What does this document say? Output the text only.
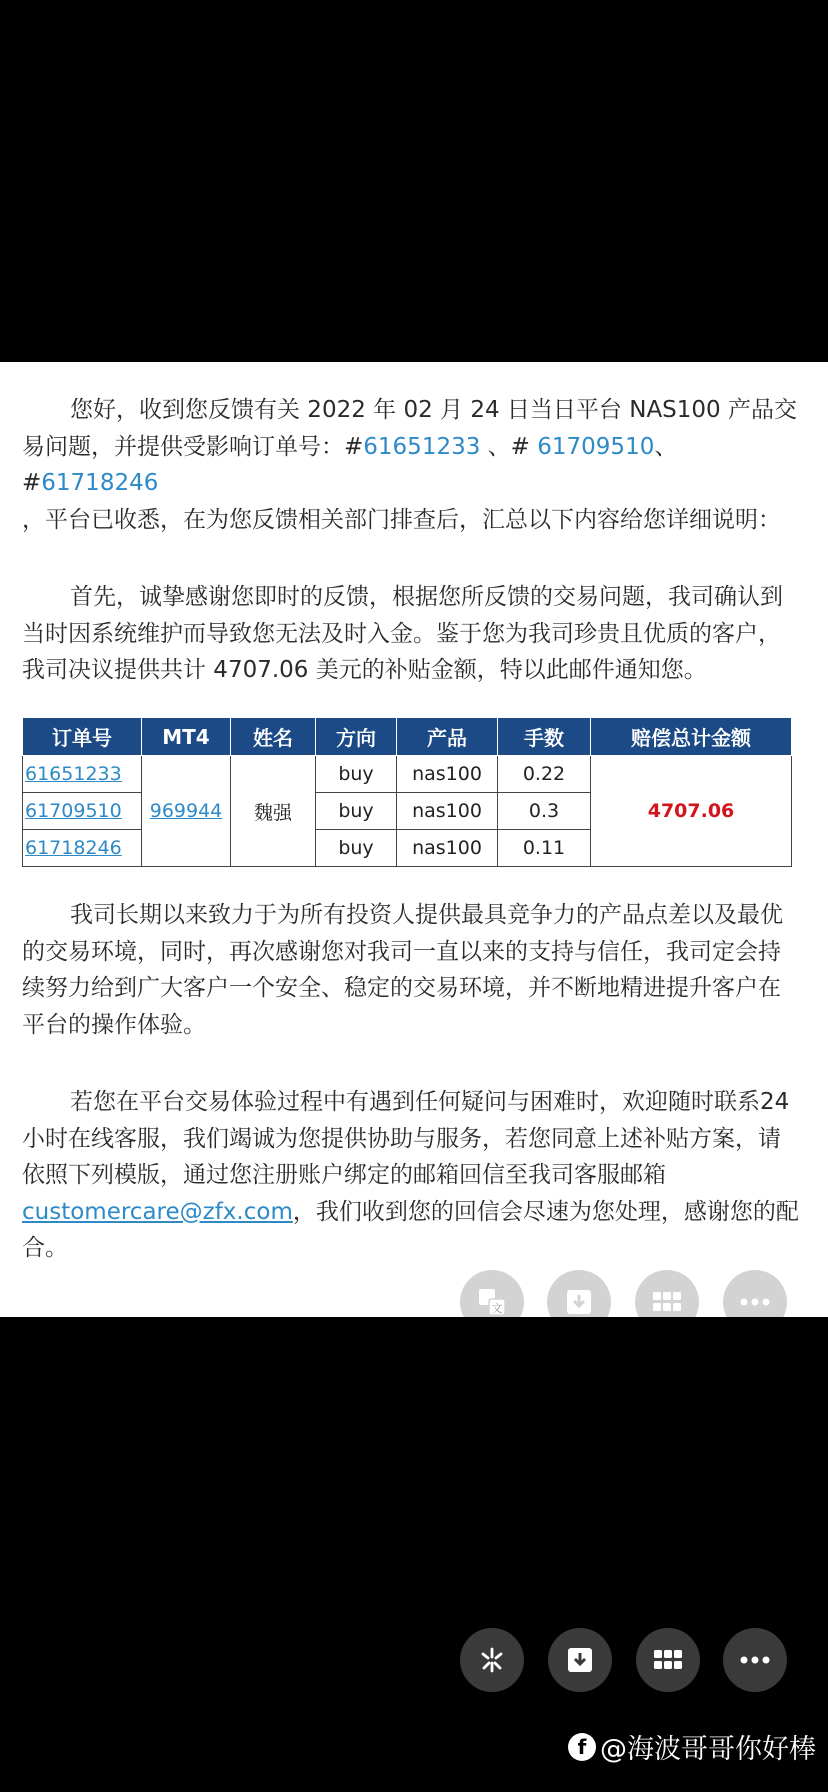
您好，收到您反馈有关 2022 年 02 月 24 日当日平台 NAS100 产品交易问题，并提供受影响订单号：#61651233 、# 61709510、#61718246
，平台已收悉，在为您反馈相关部门排查后，汇总以下内容给您详细说明：
首先，诚挚感谢您即时的反馈，根据您所反馈的交易问题，我司确认到当时因系统维护而导致您无法及时入金。鉴于您为我司珍贵且优质的客户，我司决议提供共计 4707.06 美元的补贴金额，特以此邮件通知您。
订单号	MT4	姓名	方向	产品	手数	赔偿总计金额
61651233	969944	魏强	buy	nas100	0.22	4707.06
61709510			buy	nas100	0.3	
61718246			buy	nas100	0.11	
我司长期以来致力于为所有投资人提供最具竞争力的产品点差以及最优的交易环境，同时，再次感谢您对我司一直以来的支持与信任，我司定会持续努力给到广大客户一个安全、稳定的交易环境，并不断地精进提升客户在平台的操作体验。
若您在平台交易体验过程中有遇到任何疑问与困难时，欢迎随时联系24小时在线客服，我们竭诚为您提供协助与服务，若您同意上述补贴方案，请依照下列模版，通过您注册账户绑定的邮箱回信至我司客服邮箱
customercare@zfx.com，我们收到您的回信会尽速为您处理，感谢您的配合。
文
f @海波哥哥你好棒
